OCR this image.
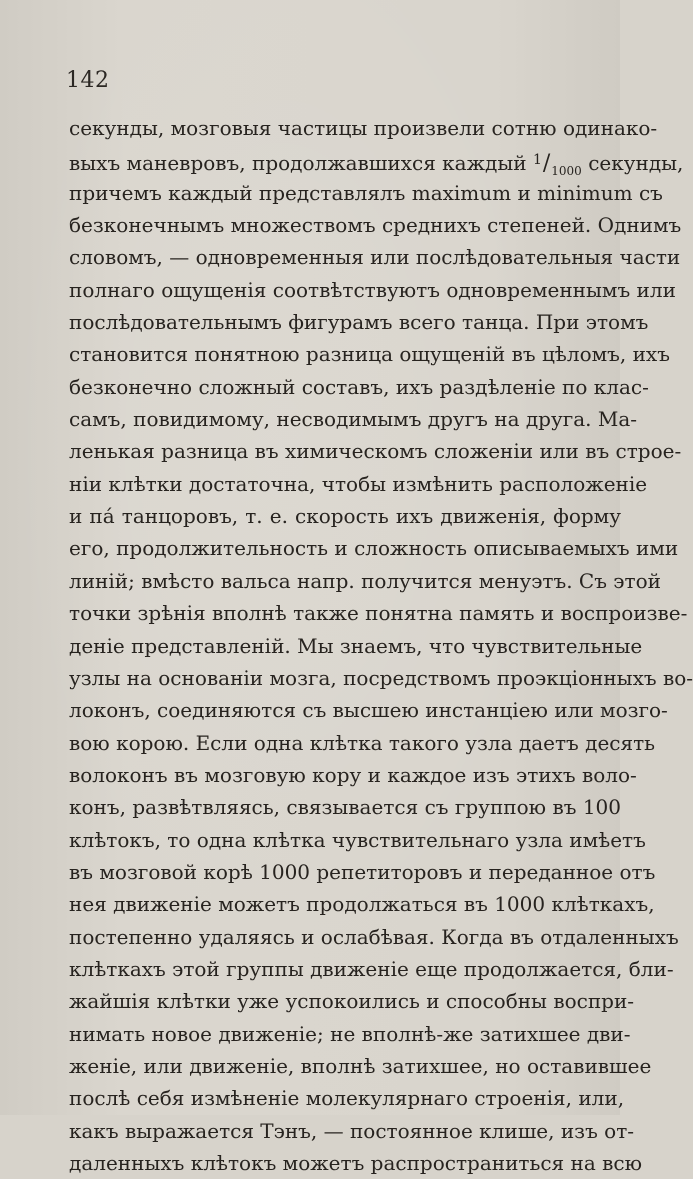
142
секунды, мозговыя частицы произвели сотню одинако-
выхъ маневровъ, продолжавшихся каждый $^1/_{1000}$ секунды,
причемъ каждый представлялъ maximum и minimum съ
безконечнымъ множествомъ среднихъ степеней. Однимъ
словомъ, — одновременныя или послѣдовательныя части
полнаго ощущенія соотвѣтствуютъ одновременнымъ или
послѣдовательнымъ фигурамъ всего танца. При этомъ
становится понятною разница ощущеній въ цѣломъ, ихъ
безконечно сложный составъ, ихъ раздѣленіе по клас-
самъ, повидимому, несводимымъ другъ на друга. Ма-
ленькая разница въ химическомъ сложеніи или въ строе-
ніи клѣтки достаточна, чтобы измѣнить расположеніе
и па́ танцоровъ, т. е. скорость ихъ движенія, форму
его, продолжительность и сложность описываемыхъ ими
линій; вмѣсто вальса напр. получится менуэтъ. Съ этой
точки зрѣнія вполнѣ также понятна память и воспроизве-
деніе представленій. Мы знаемъ, что чувствительные
узлы на основаніи мозга, посредствомъ проэкціонныхъ во-
локонъ, соединяются съ высшею инстанціею или мозго-
вою корою. Если одна клѣтка такого узла даетъ десять
волоконъ въ мозговую кору и каждое изъ этихъ воло-
конъ, развѣтвляясь, связывается съ группою въ 100
клѣтокъ, то одна клѣтка чувствительнаго узла имѣетъ
въ мозговой корѣ 1000 репетиторовъ и переданное отъ
нея движеніе можетъ продолжаться въ 1000 клѣткахъ,
постепенно удаляясь и ослабѣвая. Когда въ отдаленныхъ
клѣткахъ этой группы движеніе еще продолжается, бли-
жайшія клѣтки уже успокоились и способны воспри-
нимать новое движеніе; не вполнѣ-же затихшее дви-
женіе, или движеніе, вполнѣ затихшее, но оставившее
послѣ себя измѣненіе молекулярнаго строенія, или,
какъ выражается Тэнъ, — постоянное клише, изъ от-
даленныхъ клѣтокъ можетъ распространиться на всю
